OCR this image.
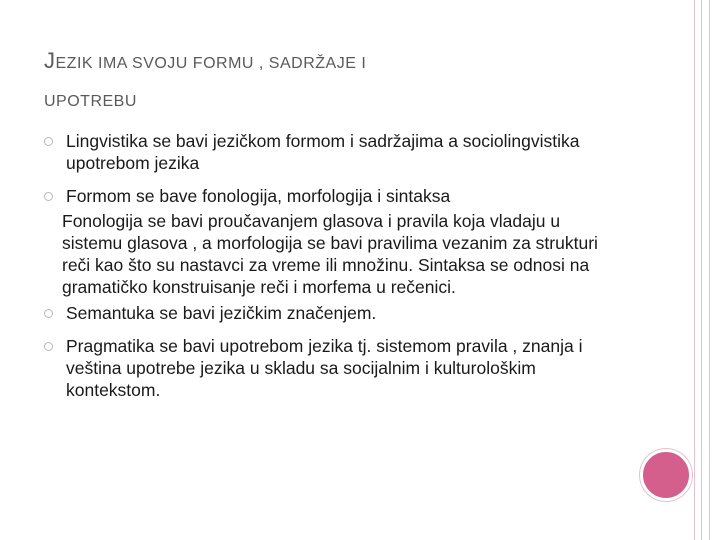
JEZIK IMA SVOJU FORMU , SADRŽAJE I
UPOTREBU
Lingvistika se bavi jezičkom formom i sadržajima a sociolingvistika upotrebom jezika
Formom se bave fonologija, morfologija i sintaksa
Fonologija se bavi proučavanjem glasova i pravila koja vladaju u sistemu glasova , a morfologija se bavi pravilima vezanim za strukturi reči kao što su nastavci za vreme ili množinu. Sintaksa se odnosi na gramatičko konstruisanje reči i morfema u rečenici.
Semantuka se bavi jezičkim značenjem.
Pragmatika se bavi upotrebom jezika tj. sistemom pravila , znanja i veština upotrebe jezika u skladu sa socijalnim i kulturološkim kontekstom.
